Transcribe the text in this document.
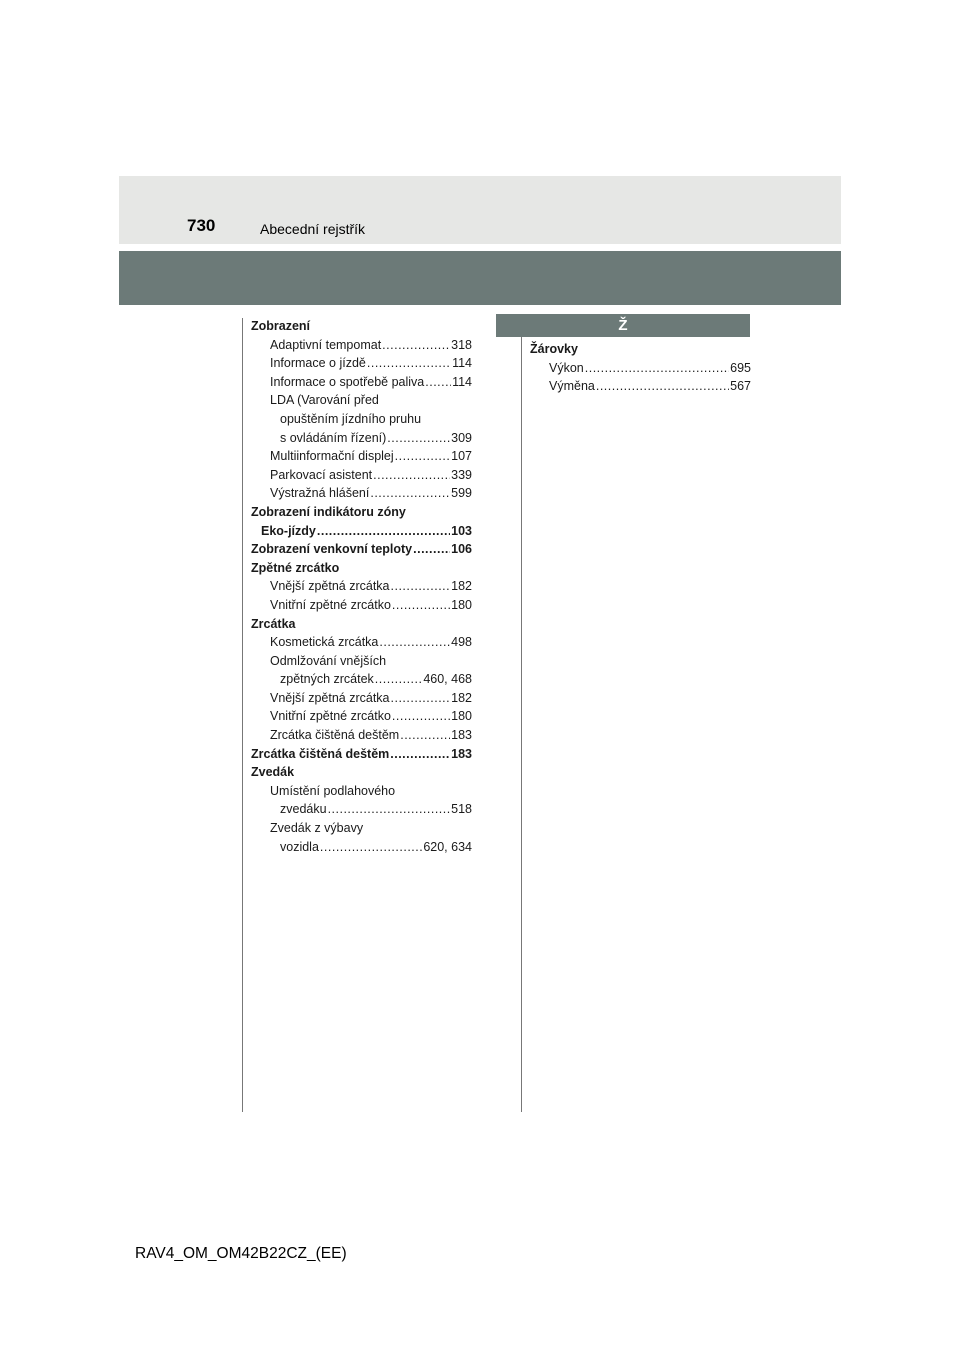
730	Abecední rejstřík
Zobrazení
Adaptivní tempomat .....	318
Informace o jízdě .....	114
Informace o spotřebě paliva ..... 114
LDA (Varování před
opuštěním jízdního pruhu
s ovládáním řízení) .....	309
Multiinformační displej .....	107
Parkovací asistent .....	339
Výstražná hlášení .....	599
Zobrazení indikátoru zóny
Eko-jízdy .....	103
Zobrazení venkovní teploty .....	106
Zpětné zrcátko
Vnější zpětná zrcátka .....	182
Vnitřní zpětné zrcátko .....	180
Zrcátka
Kosmetická zrcátka .....	498
Odmlžování vnějších
zpětných zrcátek .....	460, 468
Vnější zpětná zrcátka .....	182
Vnitřní zpětné zrcátko .....	180
Zrcátka čištěná deštěm .....	183
Zrcátka čištěná deštěm .....	183
Zvedák
Umístění podlahového
zvedáku .....	518
Zvedák z výbavy
vozidla .....	620, 634
Ž
Žárovky
Výkon .....	695
Výměna .....	567
RAV4_OM_OM42B22CZ_(EE)
